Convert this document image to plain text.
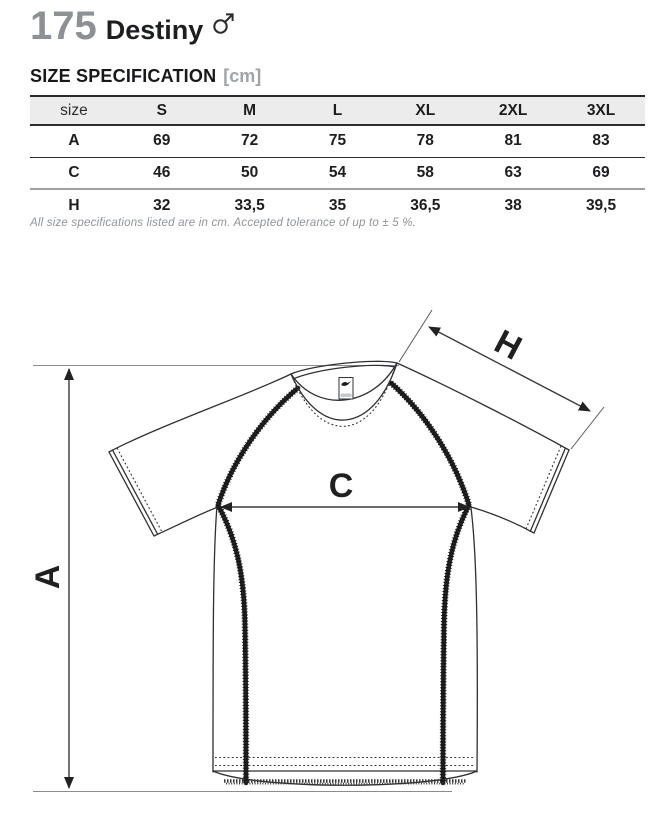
175 Destiny
SIZE SPECIFICATION [cm]
size	S	M	L	XL	2XL	3XL
A	69	72	75	78	81	83
C	46	50	54	58	63	69
H	32	33,5	35	36,5	38	39,5
All size specifications listed are in cm. Accepted tolerance of up to ± 5 %.
A
C
H
